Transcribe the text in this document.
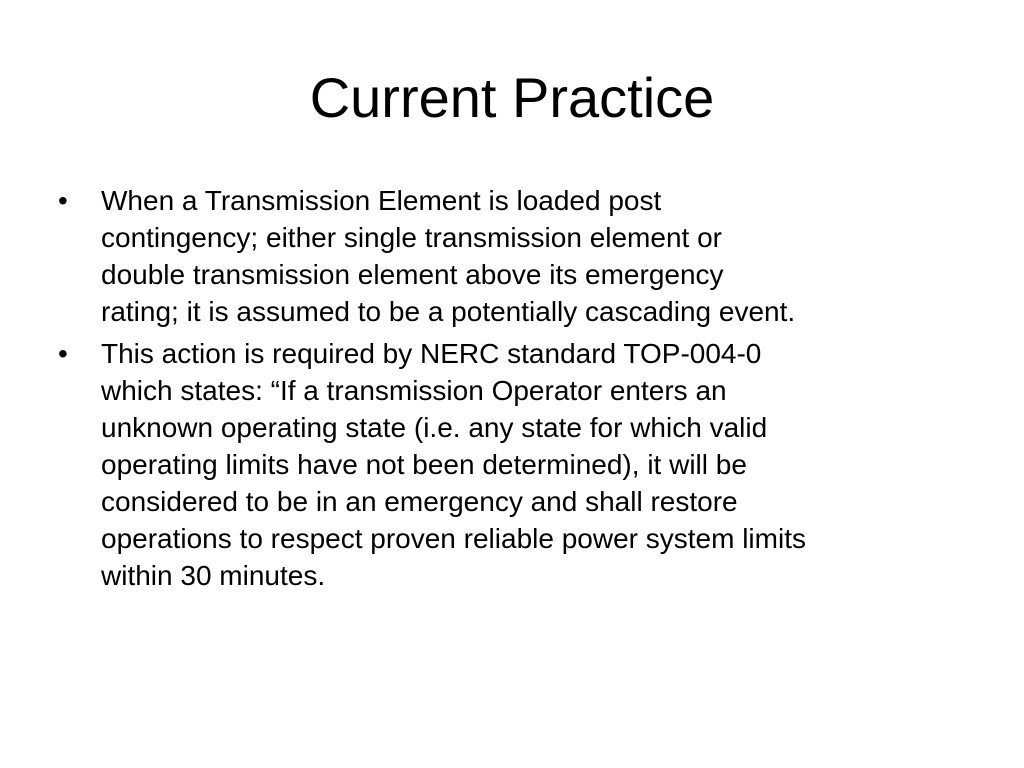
Current Practice
•	When a Transmission Element is loaded post
contingency; either single transmission element or
double transmission element above its emergency
rating; it is assumed to be a potentially cascading event.
•	This action is required by NERC standard TOP-004-0
which states: “If a transmission Operator enters an
unknown operating state (i.e. any state for which valid
operating limits have not been determined), it will be
considered to be in an emergency and shall restore
operations to respect proven reliable power system limits
within 30 minutes.
